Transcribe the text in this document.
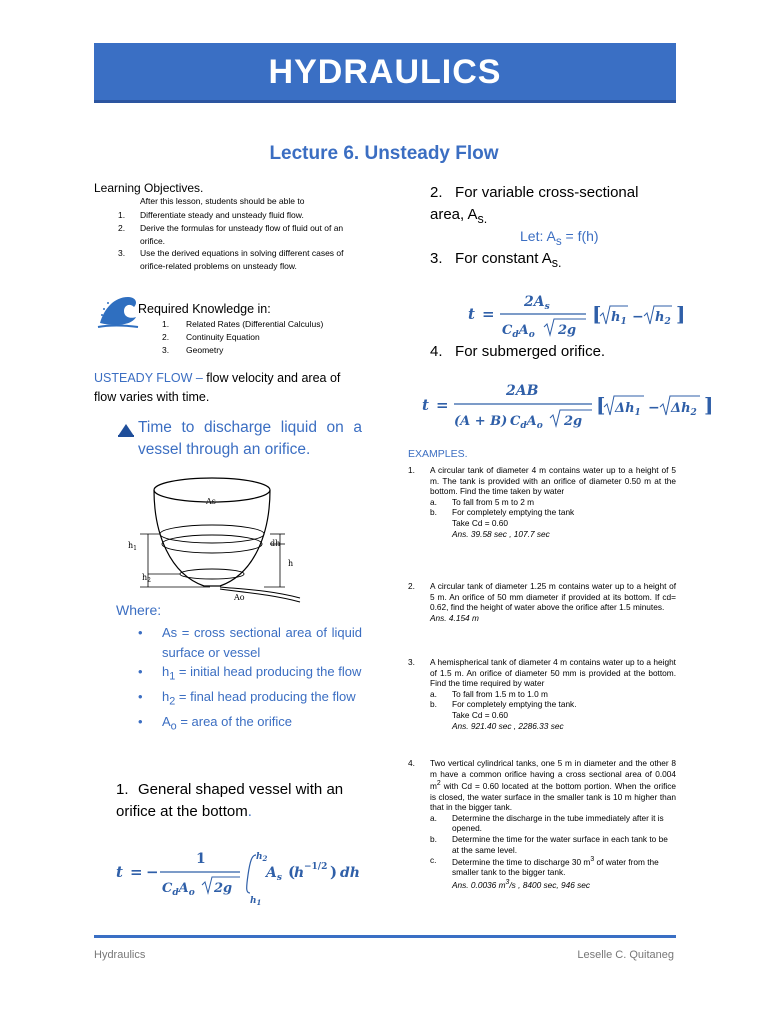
HYDRAULICS
Lecture 6. Unsteady Flow
Learning Objectives.
After this lesson, students should be able to
1. Differentiate steady and unsteady fluid flow.
2. Derive the formulas for unsteady flow of fluid out of an orifice.
3. Use the derived equations in solving different cases of orifice-related problems on unsteady flow.
Required Knowledge in:
1. Related Rates (Differential Calculus)
2. Continuity Equation
3. Geometry
USTEADY FLOW – flow velocity and area of flow varies with time.
Time to discharge liquid on a vessel through an orifice.
As
$h_1$
$h_2$
dh
h
Ao
Where:
• As = cross sectional area of liquid surface or vessel
• $h_1$ = initial head producing the flow
• $h_2$ = final head producing the flow
• $A_o$ = area of the orifice
1. General shaped vessel with an orifice at the bottom.
t = −
1
$C_dA_o$ 2g
$h_2$
$h_1$
$A_s$ (
h −1/2 ) dh
2. For variable cross-sectional area, $A_{s.}$
Let: $A_s = f(h)$
3. For constant $A_{s.}$
t =
$2A_s$
$C_dA_o$ 2g
[ $h_1 - h_2$ ]
4. For submerged orifice.
t =
2AB
(A + B) $C_dA_o$ 2g
[ $\Delta h_1 - \Delta h_2$ ]
EXAMPLES.
1. A circular tank of diameter 4 m contains water up to a height of 5 m. The tank is provided with an orifice of diameter 0.50 m at the bottom. Find the time taken by water
a. To fall from 5 m to 2 m
b. For completely emptying the tank
Take Cd = 0.60
Ans. 39.58 sec , 107.7 sec
2. A circular tank of diameter 1.25 m contains water up to a height of 5 m. An orifice of 50 mm diameter if provided at its bottom. If cd= 0.62, find the height of water above the orifice after 1.5 minutes.
Ans. 4.154 m
3. A hemispherical tank of diameter 4 m contains water up to a height of 1.5 m. An orifice of diameter 50 mm is provided at the bottom. Find the time required by water
a. To fall from 1.5 m to 1.0 m
b. For completely emptying the tank.
Take Cd = 0.60
Ans. 921.40 sec , 2286.33 sec
4. Two vertical cylindrical tanks, one 5 m in diameter and the other 8 m have a common orifice having a cross sectional area of 0.004 $m^2$ with Cd = 0.60 located at the bottom portion. When the orifice is closed, the water surface in the smaller tank is 10 m higher than that in the bigger tank.
a. Determine the discharge in the tube immediately after it is opened.
b. Determine the time for the water surface in each tank to be at the same level.
c. Determine the time to discharge 30 $m^3$ of water from the smaller tank to the bigger tank.
Ans. 0.0036 $m^3/s$ , 8400 sec, 946 sec
Hydraulics	Leselle C. Quitaneg
